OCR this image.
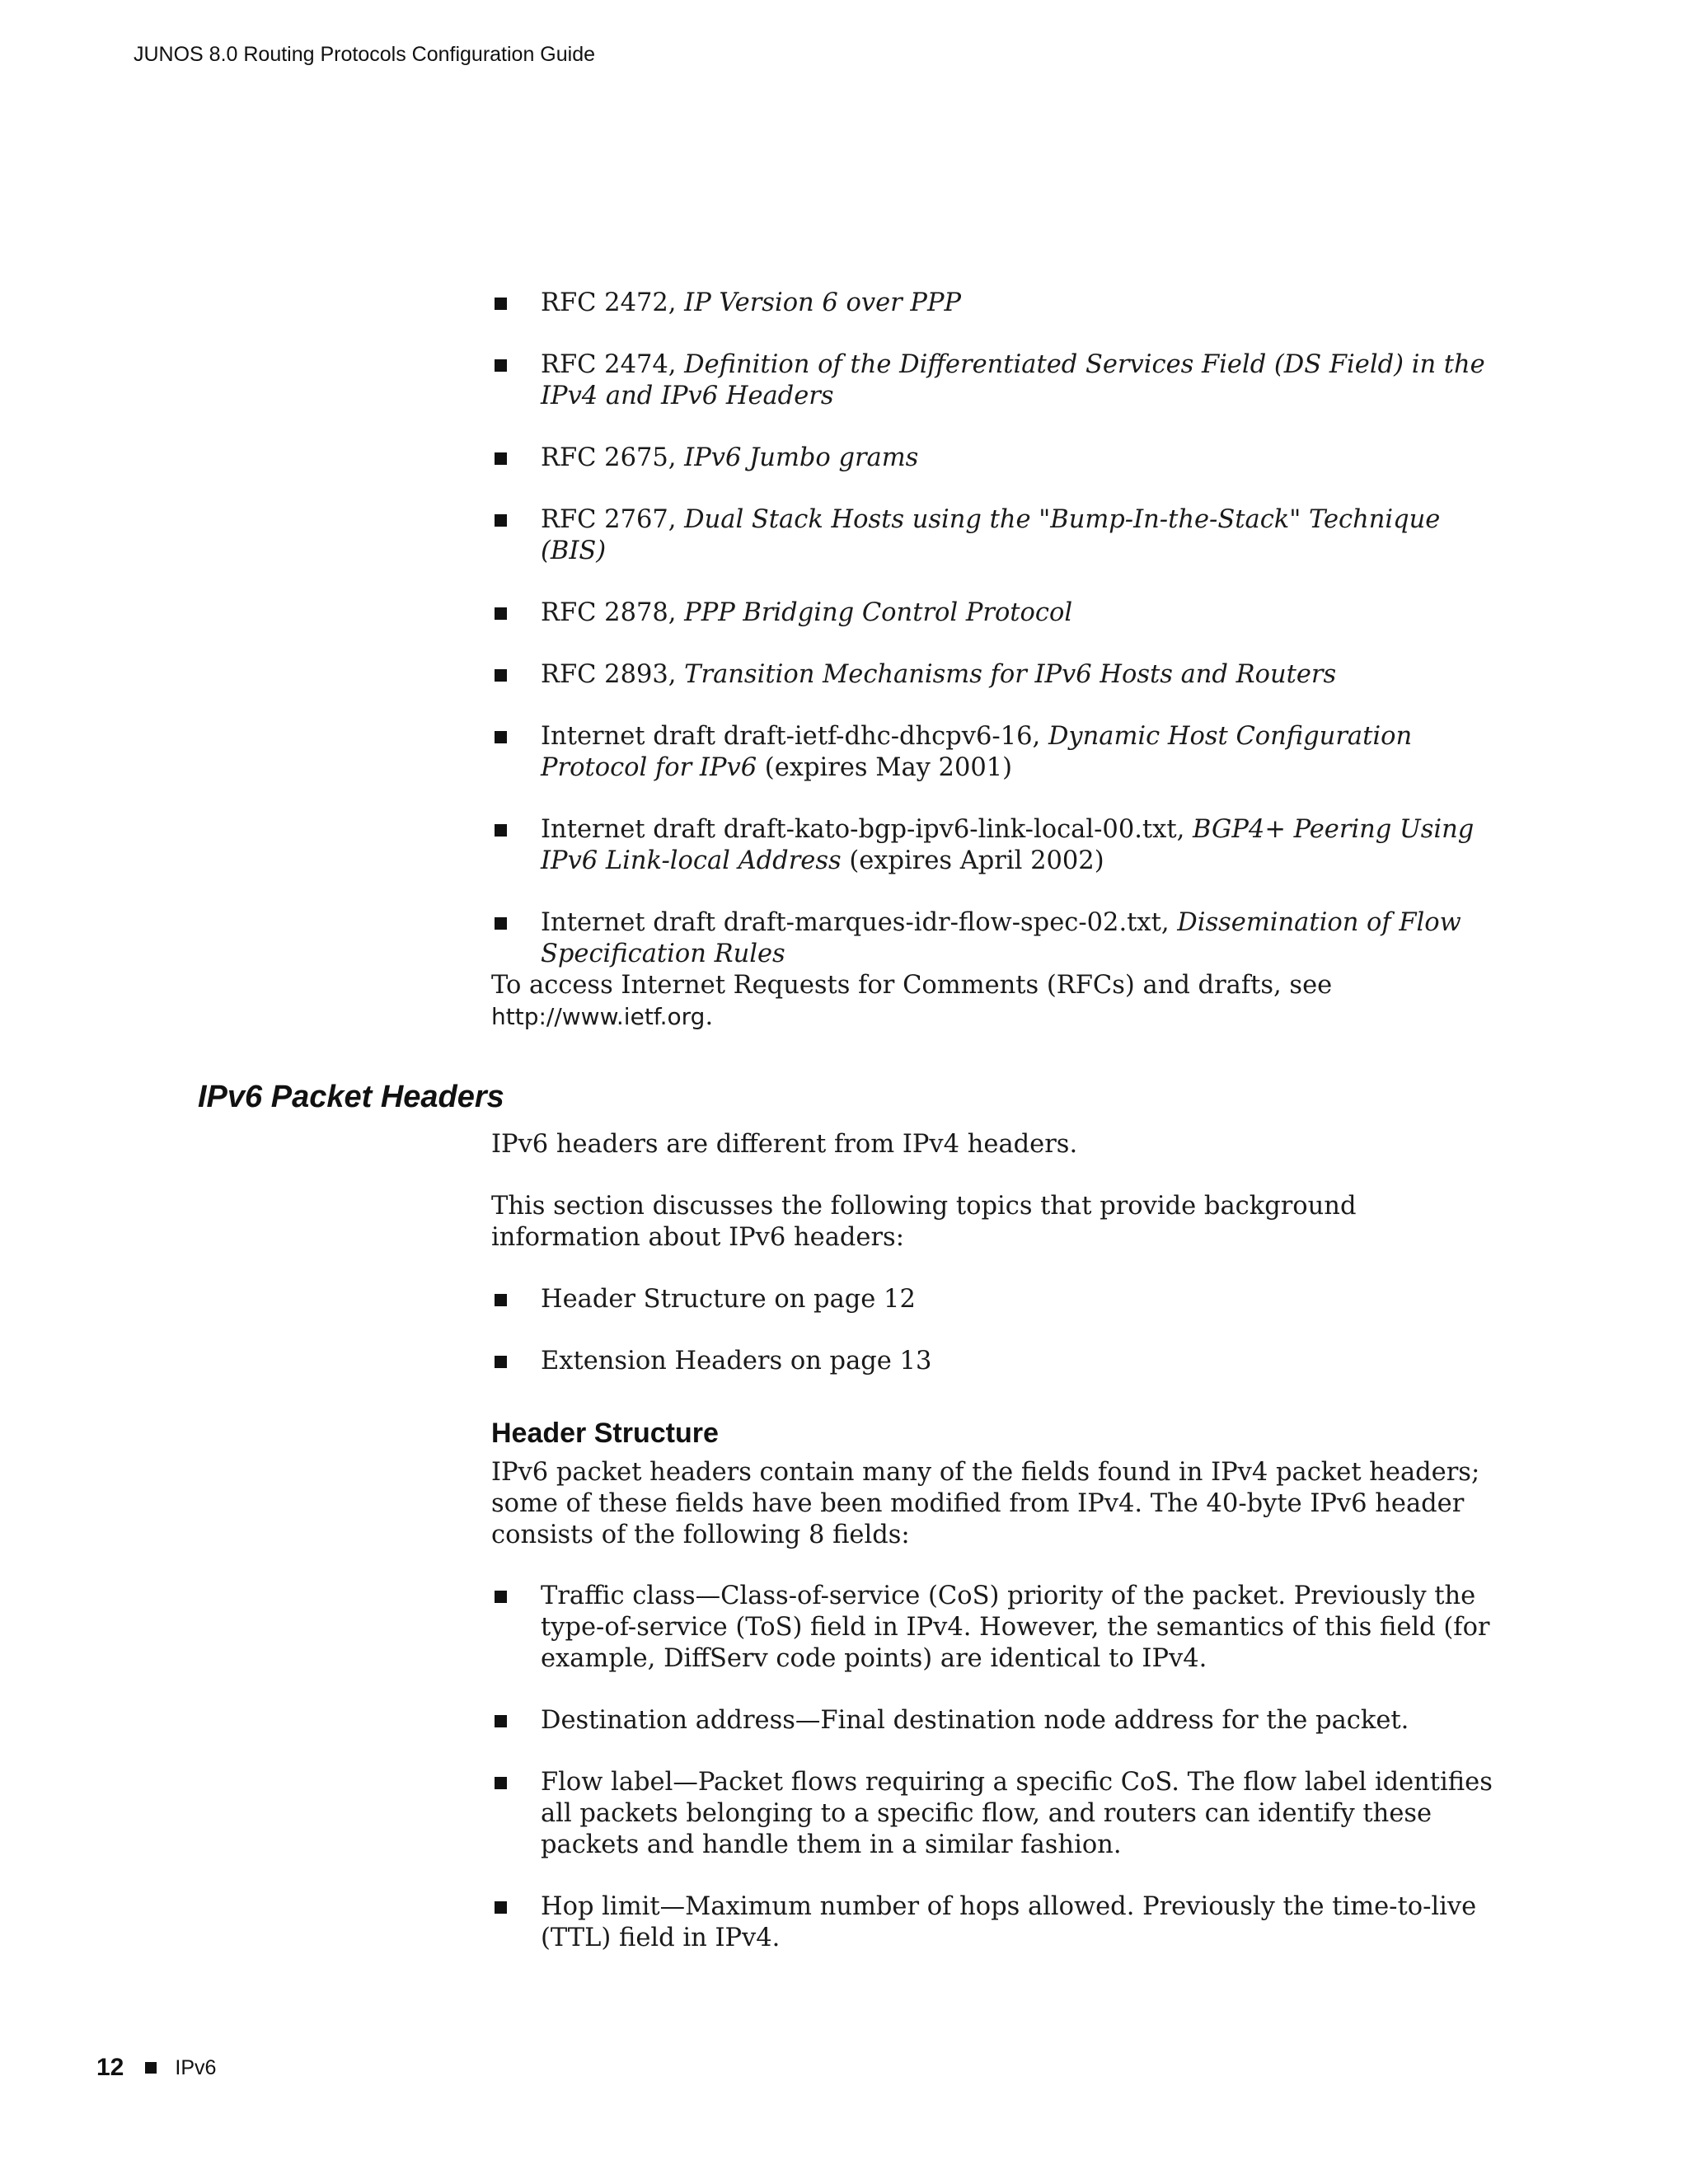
JUNOS 8.0 Routing Protocols Configuration Guide
RFC 2472, IP Version 6 over PPP
RFC 2474, Definition of the Differentiated Services Field (DS Field) in the IPv4 and IPv6 Headers
RFC 2675, IPv6 Jumbo grams
RFC 2767, Dual Stack Hosts using the "Bump-In-the-Stack" Technique (BIS)
RFC 2878, PPP Bridging Control Protocol
RFC 2893, Transition Mechanisms for IPv6 Hosts and Routers
Internet draft draft-ietf-dhc-dhcpv6-16, Dynamic Host Configuration Protocol for IPv6 (expires May 2001)
Internet draft draft-kato-bgp-ipv6-link-local-00.txt, BGP4+ Peering Using IPv6 Link-local Address (expires April 2002)
Internet draft draft-marques-idr-flow-spec-02.txt, Dissemination of Flow Specification Rules

To access Internet Requests for Comments (RFCs) and drafts, see
http://www.ietf.org.

IPv6 Packet Headers

IPv6 headers are different from IPv4 headers.

This section discusses the following topics that provide background information about IPv6 headers:

Header Structure on page 12
Extension Headers on page 13
Header Structure

IPv6 packet headers contain many of the fields found in IPv4 packet headers; some of these fields have been modified from IPv4. The 40-byte IPv6 header consists of the following 8 fields:

Traffic class—Class-of-service (CoS) priority of the packet. Previously the type-of-service (ToS) field in IPv4. However, the semantics of this field (for example, DiffServ code points) are identical to IPv4.
Destination address—Final destination node address for the packet.
Flow label—Packet flows requiring a specific CoS. The flow label identifies all packets belonging to a specific flow, and routers can identify these packets and handle them in a similar fashion.
Hop limit—Maximum number of hops allowed. Previously the time-to-live (TTL) field in IPv4.
12 IPv6
